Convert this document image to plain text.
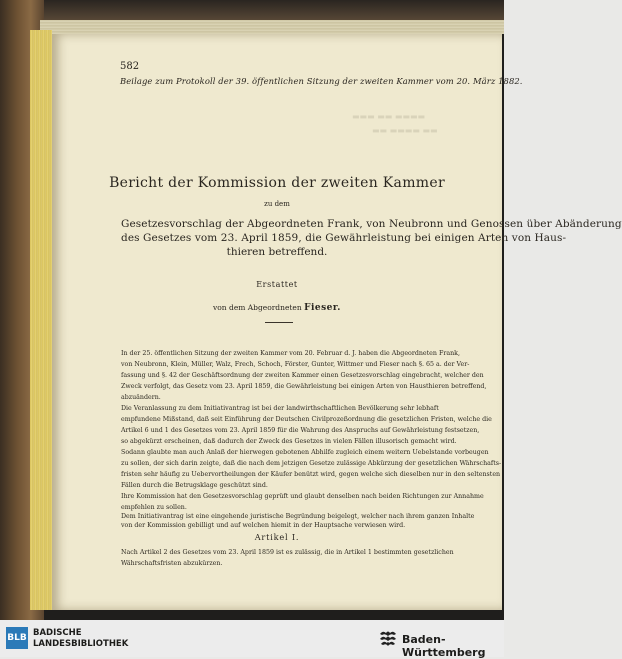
582
Beilage zum Protokoll der 39. öffentlichen Sitzung der zweiten Kammer vom 20. März 1882.
▬▬▬ ▬▬ ▬▬▬▬
▬▬ ▬▬▬▬ ▬▬
Bericht der Kommission der zweiten Kammer
zu dem
Gesetzesvorschlag der Abgeordneten Frank, von Neubronn und Genossen über Abänderung
des Gesetzes vom 23. April 1859, die Gewährleistung bei einigen Arten von Haus-
thieren betreffend.
Erstattet
von dem Abgeordneten Fieser.
In der 25. öffentlichen Sitzung der zweiten Kammer vom 20. Februar d. J. haben die Abgeordneten Frank,
von Neubronn, Klein, Müller, Walz, Frech, Schoch, Förster, Gunter, Wittmer und Fieser nach §. 65 a. der Ver-
fassung und §. 42 der Geschäftsordnung der zweiten Kammer einen Gesetzesvorschlag eingebracht, welcher den
Zweck verfolgt, das Gesetz vom 23. April 1859, die Gewährleistung bei einigen Arten von Hausthieren betreffend,
abzuändern.
Die Veranlassung zu dem Initiativantrag ist bei der landwirthschaftlichen Bevölkerung sehr lebhaft
empfundene Mißstand, daß seit Einführung der Deutschen Civilprozeßordnung die gesetzlichen Fristen, welche die
Artikel 6 und 1 des Gesetzes vom 23. April 1859 für die Wahrung des Anspruchs auf Gewährleistung festsetzen,
so abgekürzt erscheinen, daß dadurch der Zweck des Gesetzes in vielen Fällen illusorisch gemacht wird.
Sodann glaubte man auch Anlaß der hierwegen gebotenen Abhilfe zugleich einem weitern Uebelstande vorbeugen
zu sollen, der sich darin zeigte, daß die nach dem jetzigen Gesetze zulässige Abkürzung der gesetzlichen Währschafts-
fristen sehr häufig zu Uebervortheilungen der Käufer benützt wird, gegen welche sich dieselben nur in den seltensten
Fällen durch die Betrugsklage geschützt sind.
Ihre Kommission hat den Gesetzesvorschlag geprüft und glaubt denselben nach beiden Richtungen zur Annahme
empfehlen zu sollen.
Dem Initiativantrag ist eine eingehende juristische Begründung beigelegt, welcher nach ihrem ganzen Inhalte
von der Kommission gebilligt und auf welchen hiemit in der Hauptsache verwiesen wird.
Artikel I.
Nach Artikel 2 des Gesetzes vom 23. April 1859 ist es zulässig, die in Artikel 1 bestimmten gesetzlichen
Währschaftsfristen abzukürzen.
BLB BADISCHE
LANDESBIBLIOTHEK	Baden-Württemberg
